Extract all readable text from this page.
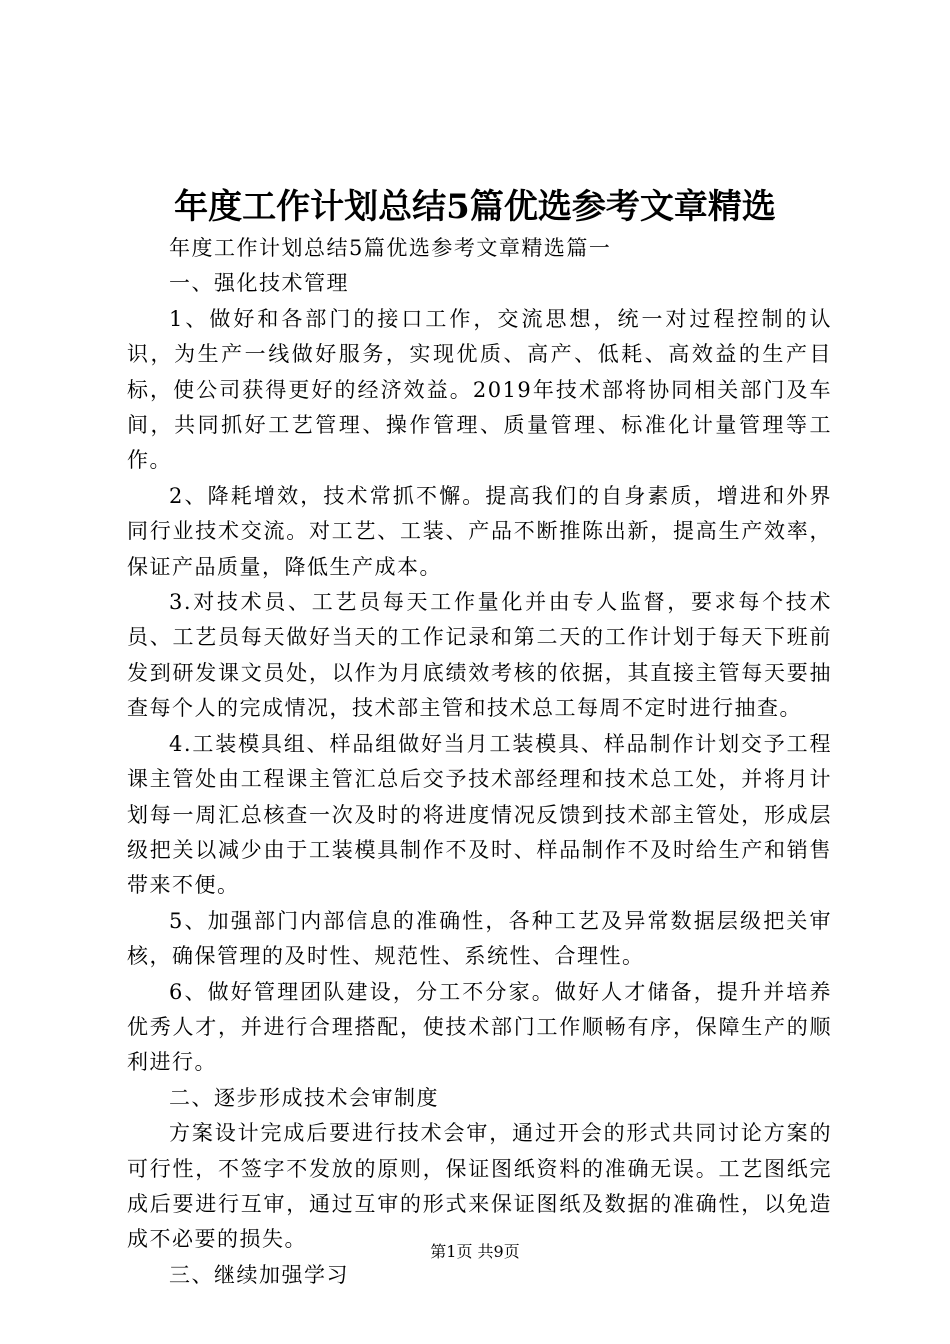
年度工作计划总结5篇优选参考文章精选

年度工作计划总结5篇优选参考文章精选篇一

一、强化技术管理

1、做好和各部门的接口工作，交流思想，统一对过程控制的认识，为生产一线做好服务，实现优质、高产、低耗、高效益的生产目标，使公司获得更好的经济效益。2019年技术部将协同相关部门及车间，共同抓好工艺管理、操作管理、质量管理、标准化计量管理等工作。

2、降耗增效，技术常抓不懈。提高我们的自身素质，增进和外界同行业技术交流。对工艺、工装、产品不断推陈出新，提高生产效率，保证产品质量，降低生产成本。

3.对技术员、工艺员每天工作量化并由专人监督，要求每个技术员、工艺员每天做好当天的工作记录和第二天的工作计划于每天下班前发到研发课文员处，以作为月底绩效考核的依据，其直接主管每天要抽查每个人的完成情况，技术部主管和技术总工每周不定时进行抽查。

4.工装模具组、样品组做好当月工装模具、样品制作计划交予工程课主管处由工程课主管汇总后交予技术部经理和技术总工处，并将月计划每一周汇总核查一次及时的将进度情况反馈到技术部主管处，形成层级把关以减少由于工装模具制作不及时、样品制作不及时给生产和销售带来不便。

5、加强部门内部信息的准确性，各种工艺及异常数据层级把关审核，确保管理的及时性、规范性、系统性、合理性。

6、做好管理团队建设，分工不分家。做好人才储备，提升并培养优秀人才，并进行合理搭配，使技术部门工作顺畅有序，保障生产的顺利进行。

二、逐步形成技术会审制度

方案设计完成后要进行技术会审，通过开会的形式共同讨论方案的可行性，不签字不发放的原则，保证图纸资料的准确无误。工艺图纸完成后要进行互审，通过互审的形式来保证图纸及数据的准确性，以免造成不必要的损失。

三、继续加强学习

第1页 共9页
